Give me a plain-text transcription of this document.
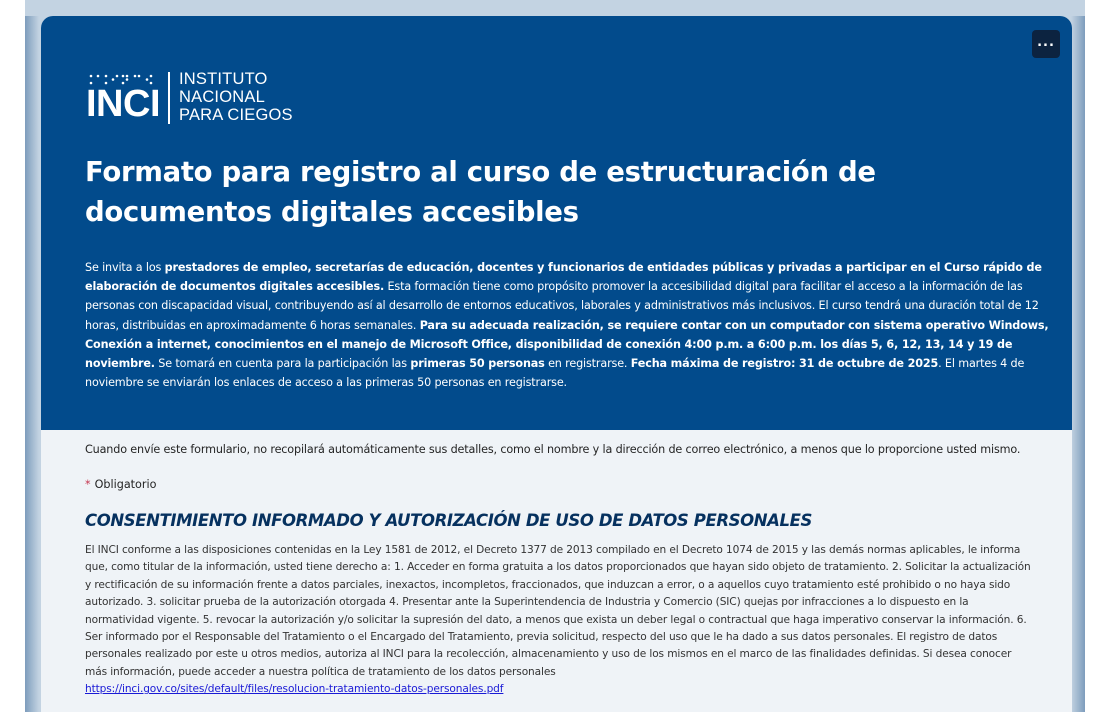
...
INCI
INSTITUTO
NACIONAL
PARA CIEGOS
Formato para registro al curso de estructuración de documentos digitales accesibles
Se invita a los prestadores de empleo, secretarías de educación, docentes y funcionarios de entidades públicas y privadas a participar en el Curso rápido de elaboración de documentos digitales accesibles. Esta formación tiene como propósito promover la accesibilidad digital para facilitar el acceso a la información de las personas con discapacidad visual, contribuyendo así al desarrollo de entornos educativos, laborales y administrativos más inclusivos. El curso tendrá una duración total de 12 horas, distribuidas en aproximadamente 6 horas semanales. Para su adecuada realización, se requiere contar con un computador con sistema operativo Windows, Conexión a internet, conocimientos en el manejo de Microsoft Office, disponibilidad de conexión 4:00 p.m. a 6:00 p.m. los días 5, 6, 12, 13, 14 y 19 de noviembre. Se tomará en cuenta para la participación las primeras 50 personas en registrarse. Fecha máxima de registro: 31 de octubre de 2025. El martes 4 de noviembre se enviarán los enlaces de acceso a las primeras 50 personas en registrarse.
Cuando envíe este formulario, no recopilará automáticamente sus detalles, como el nombre y la dirección de correo electrónico, a menos que lo proporcione usted mismo.
* Obligatorio
CONSENTIMIENTO INFORMADO Y AUTORIZACIÓN DE USO DE DATOS PERSONALES
El INCI conforme a las disposiciones contenidas en la Ley 1581 de 2012, el Decreto 1377 de 2013 compilado en el Decreto 1074 de 2015 y las demás normas aplicables, le informa que, como titular de la información, usted tiene derecho a: 1. Acceder en forma gratuita a los datos proporcionados que hayan sido objeto de tratamiento. 2. Solicitar la actualización y rectificación de su información frente a datos parciales, inexactos, incompletos, fraccionados, que induzcan a error, o a aquellos cuyo tratamiento esté prohibido o no haya sido autorizado. 3. solicitar prueba de la autorización otorgada 4. Presentar ante la Superintendencia de Industria y Comercio (SIC) quejas por infracciones a lo dispuesto en la normatividad vigente. 5. revocar la autorización y/o solicitar la supresión del dato, a menos que exista un deber legal o contractual que haga imperativo conservar la información. 6. Ser informado por el Responsable del Tratamiento o el Encargado del Tratamiento, previa solicitud, respecto del uso que le ha dado a sus datos personales. El registro de datos personales realizado por este u otros medios, autoriza al INCI para la recolección, almacenamiento y uso de los mismos en el marco de las finalidades definidas. Si desea conocer más información, puede acceder a nuestra política de tratamiento de los datos personales
https://inci.gov.co/sites/default/files/resolucion-tratamiento-datos-personales.pdf
